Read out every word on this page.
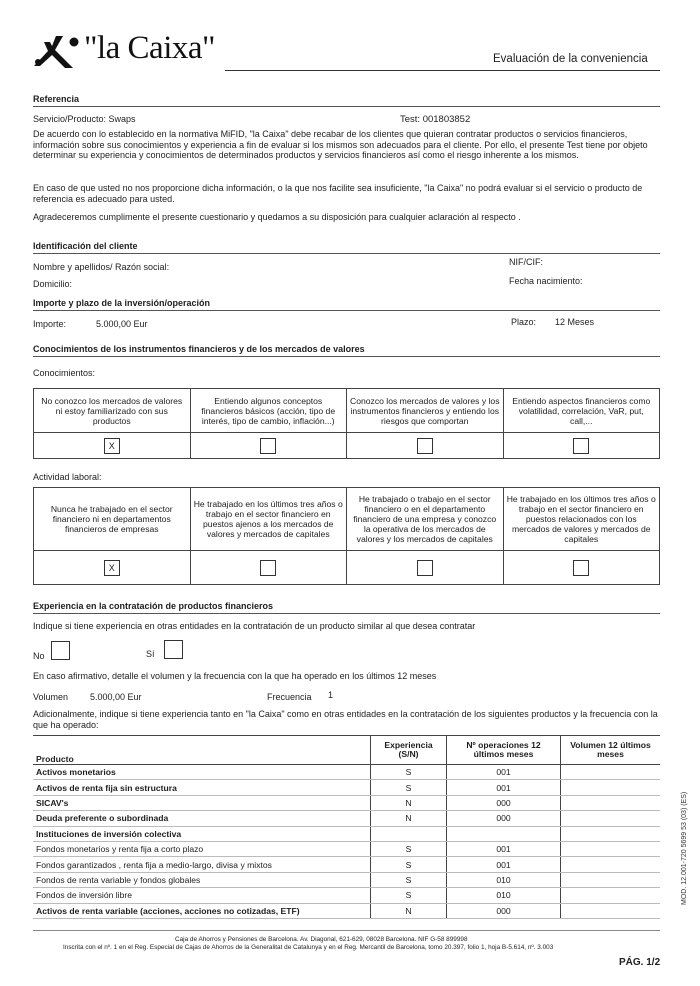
"la Caixa"	Evaluación de la conveniencia
Referencia
Servicio/Producto: Swaps	Test: 001803852
De acuerdo con lo establecido en la normativa MiFID, "la Caixa" debe recabar de los clientes que quieran contratar productos o servicios financieros, información sobre sus conocimientos y experiencia a fin de evaluar si los mismos son adecuados para el cliente. Por ello, el presente Test tiene por objeto determinar su experiencia y conocimientos de determinados productos y servicios financieros así como el riesgo inherente a los mismos.
En caso de que usted no nos proporcione dicha información, o la que nos facilite sea insuficiente, "la Caixa" no podrá evaluar si el servicio o producto de referencia es adecuado para usted.
Agradeceremos cumplimente el presente cuestionario y quedamos a su disposición para cualquier aclaración al respecto .
Identificación del cliente
Nombre y apellidos/ Razón social:	NIF/CIF:
Domicilio:	Fecha nacimiento:
Importe y plazo de la inversión/operación
Importe:	5.000,00 Eur	Plazo: 12 Meses
Conocimientos de los instrumentos financieros y de los mercados de valores
Conocimientos:
No conozco los mercados de valores ni estoy familiarizado con sus productos	Entiendo algunos conceptos financieros básicos (acción, tipo de interés, tipo de cambio, inflación...)	Conozco los mercados de valores y los instrumentos financieros y entiendo los riesgos que comportan	Entiendo aspectos financieros como volatilidad, correlación, VaR, put, call,...
X			
Actividad laboral:
Nunca he trabajado en el sector financiero ni en departamentos financieros de empresas	He trabajado en los últimos tres años o trabajo en el sector financiero en puestos ajenos a los mercados de valores y mercados de capitales	He trabajado o trabajo en el sector financiero o en el departamento financiero de una empresa y conozco la operativa de los mercados de valores y los mercados de capitales	He trabajado en los últimos tres años o trabajo en el sector financiero en puestos relacionados con los mercados de valores y mercados de capitales
X			
Experiencia en la contratación de productos financieros
Indique si tiene experiencia en otras entidades en la contratación de un producto similar al que desea contratar
No	Sí
En caso afirmativo, detalle el volumen y la frecuencia con la que ha operado en los últimos 12 meses
Volumen 5.000,00 Eur	Frecuencia 1
Adicionalmente, indique si tiene experiencia tanto en "la Caixa" como en otras entidades en la contratación de los siguientes productos y la frecuencia con la que ha operado:
Producto	Experiencia (S/N)	Nº operaciones 12 últimos meses	Volumen 12 últimos meses
Activos monetarios	S	001	
Activos de renta fija sin estructura	S	001	
SICAV's	N	000	
Deuda preferente o subordinada	N	000	
Instituciones de inversión colectiva			
Fondos monetarios y renta fija a corto plazo	S	001	
Fondos garantizados , renta fija a medio-largo, divisa y mixtos	S	001	
Fondos de renta variable y fondos globales	S	010	
Fondos de inversión libre	S	010	
Activos de renta variable (acciones, acciones no cotizadas, ETF)	N	000	
MOD. 12.001-720 5699 53 (03) (ES)
Caja de Ahorros y Pensiones de Barcelona. Av. Diagonal, 621-629, 08028 Barcelona. NIF G-58 899998
Inscrita con el nº. 1 en el Reg. Especial de Cajas de Ahorros de la Generalitat de Catalunya y en el Reg. Mercantil de Barcelona, tomo 20.397, folio 1, hoja B-5.614, nº. 3.003
PÁG. 1/2
